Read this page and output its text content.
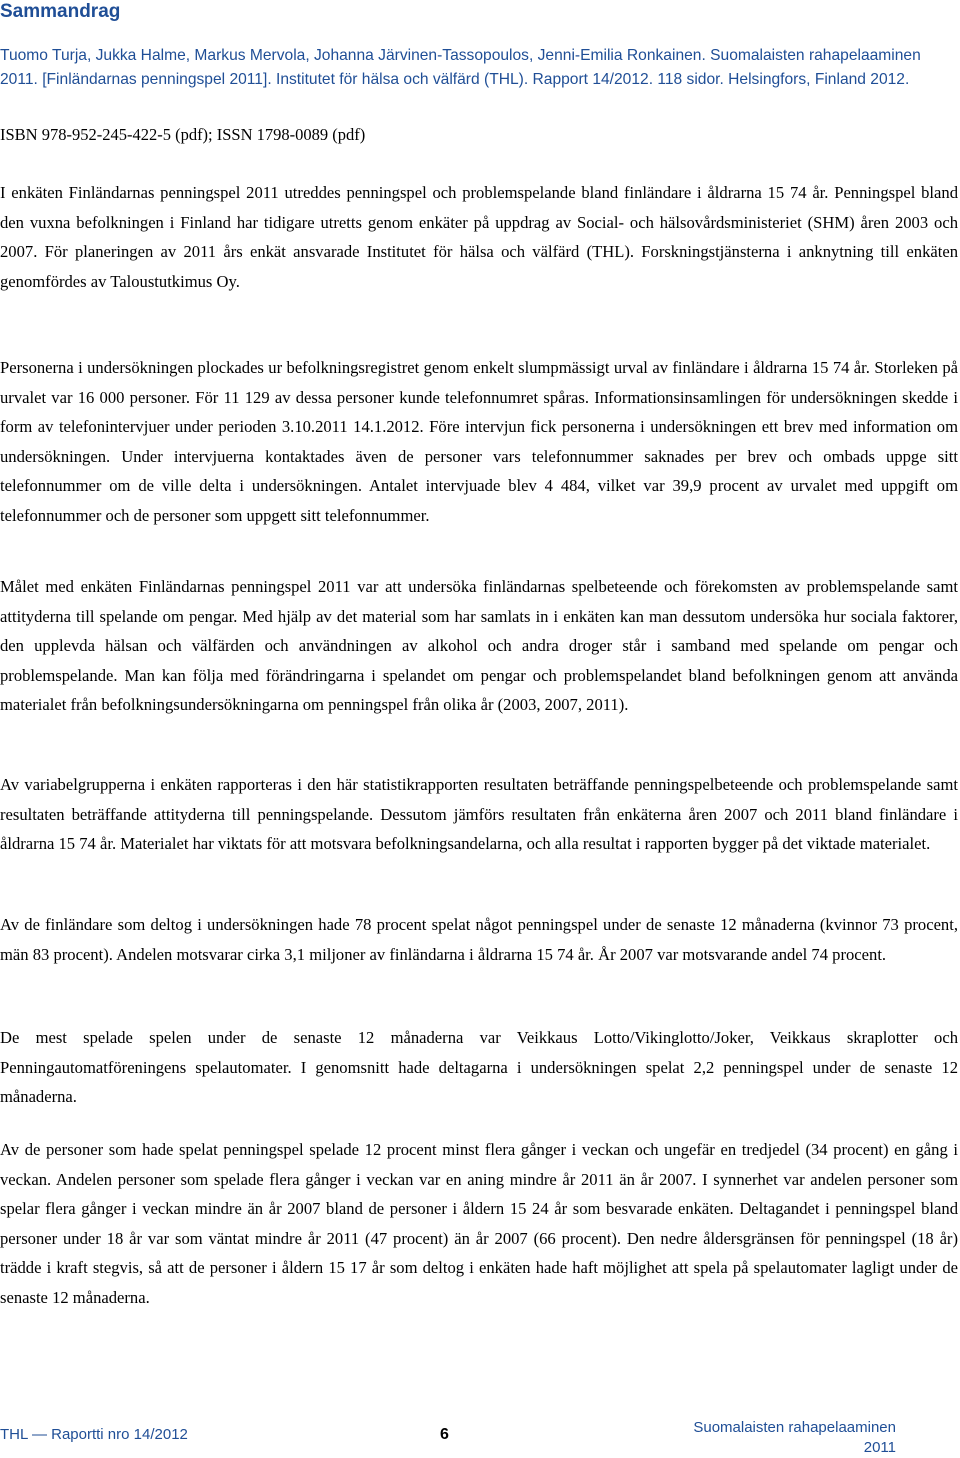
Sammandrag

Tuomo Turja, Jukka Halme, Markus Mervola, Johanna Järvinen-Tassopoulos, Jenni-Emilia Ronkainen. Suomalaisten rahapelaaminen 2011. [Finländarnas penningspel 2011]. Institutet för hälsa och välfärd (THL). Rapport 14/2012. 118 sidor. Helsingfors, Finland 2012.

ISBN 978-952-245-422-5 (pdf); ISSN 1798-0089 (pdf)

I enkäten Finländarnas penningspel 2011 utreddes penningspel och problemspelande bland finländare i åldrarna 15 74 år. Penningspel bland den vuxna befolkningen i Finland har tidigare utretts genom enkäter på uppdrag av Social- och hälsovårdsministeriet (SHM) åren 2003 och 2007. För planeringen av 2011 års enkät ansvarade Institutet för hälsa och välfärd (THL). Forskningstjänsterna i anknytning till enkäten genomfördes av Taloustutkimus Oy.

Personerna i undersökningen plockades ur befolkningsregistret genom enkelt slumpmässigt urval av finländare i åldrarna 15 74 år. Storleken på urvalet var 16 000 personer. För 11 129 av dessa personer kunde telefonnumret spåras. Informationsinsamlingen för undersökningen skedde i form av telefonintervjuer under perioden 3.10.2011 14.1.2012. Före intervjun fick personerna i undersökningen ett brev med information om undersökningen. Under intervjuerna kontaktades även de personer vars telefonnummer saknades per brev och ombads uppge sitt telefonnummer om de ville delta i undersökningen. Antalet intervjuade blev 4 484, vilket var 39,9 procent av urvalet med uppgift om telefonnummer och de personer som uppgett sitt telefonnummer.

Målet med enkäten Finländarnas penningspel 2011 var att undersöka finländarnas spelbeteende och förekomsten av problemspelande samt attityderna till spelande om pengar. Med hjälp av det material som har samlats in i enkäten kan man dessutom undersöka hur sociala faktorer, den upplevda hälsan och välfärden och användningen av alkohol och andra droger står i samband med spelande om pengar och problemspelande. Man kan följa med förändringarna i spelandet om pengar och problemspelandet bland befolkningen genom att använda materialet från befolkningsundersökningarna om penningspel från olika år (2003, 2007, 2011).

Av variabelgrupperna i enkäten rapporteras i den här statistikrapporten resultaten beträffande penningspelbeteende och problemspelande samt resultaten beträffande attityderna till penningspelande. Dessutom jämförs resultaten från enkäterna åren 2007 och 2011 bland finländare i åldrarna 15 74 år. Materialet har viktats för att motsvara befolkningsandelarna, och alla resultat i rapporten bygger på det viktade materialet.

Av de finländare som deltog i undersökningen hade 78 procent spelat något penningspel under de senaste 12 månaderna (kvinnor 73 procent, män 83 procent). Andelen motsvarar cirka 3,1 miljoner av finländarna i åldrarna 15 74 år. År 2007 var motsvarande andel 74 procent.

De mest spelade spelen under de senaste 12 månaderna var Veikkaus Lotto/Vikinglotto/Joker, Veikkaus skraplotter och Penningautomatföreningens spelautomater. I genomsnitt hade deltagarna i undersökningen spelat 2,2 penningspel under de senaste 12 månaderna.

Av de personer som hade spelat penningspel spelade 12 procent minst flera gånger i veckan och ungefär en tredjedel (34 procent) en gång i veckan. Andelen personer som spelade flera gånger i veckan var en aning mindre år 2011 än år 2007. I synnerhet var andelen personer som spelar flera gånger i veckan mindre än år 2007 bland de personer i åldern 15 24 år som besvarade enkäten. Deltagandet i penningspel bland personer under 18 år var som väntat mindre år 2011 (47 procent) än år 2007 (66 procent). Den nedre åldersgränsen för penningspel (18 år) trädde i kraft stegvis, så att de personer i åldern 15 17 år som deltog i enkäten hade haft möjlighet att spela på spelautomater lagligt under de senaste 12 månaderna.

THL — Raportti nro 14/2012	6	Suomalaisten rahapelaaminen
2011
